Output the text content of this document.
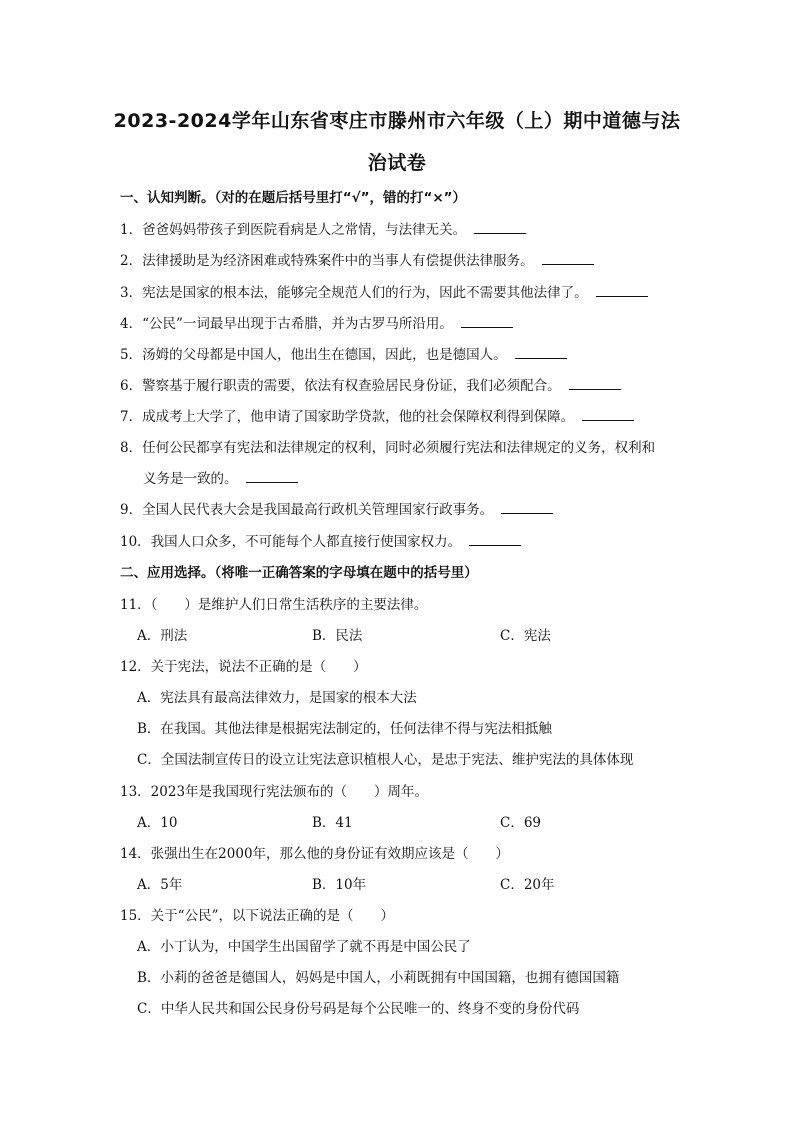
2023-2024学年山东省枣庄市滕州市六年级（上）期中道德与法
治试卷
一、认知判断。（对的在题后括号里打“√”，错的打“×”）
1．爸爸妈妈带孩子到医院看病是人之常情，与法律无关。
2．法律援助是为经济困难或特殊案件中的当事人有偿提供法律服务。
3．宪法是国家的根本法，能够完全规范人们的行为，因此不需要其他法律了。
4．“公民”一词最早出现于古希腊，并为古罗马所沿用。
5．汤姆的父母都是中国人，他出生在德国，因此，也是德国人。
6．警察基于履行职责的需要，依法有权查验居民身份证，我们必须配合。
7．成成考上大学了，他申请了国家助学贷款，他的社会保障权利得到保障。
8．任何公民都享有宪法和法律规定的权利，同时必须履行宪法和法律规定的义务，权利和
义务是一致的。
9．全国人民代表大会是我国最高行政机关管理国家行政事务。
10．我国人口众多，不可能每个人都直接行使国家权力。
二、应用选择。（将唯一正确答案的字母填在题中的括号里）
11．（　　）是维护人们日常生活秩序的主要法律。
A．刑法	B．民法	C．宪法
12．关于宪法，说法不正确的是（　　）
A．宪法具有最高法律效力，是国家的根本大法
B．在我国。其他法律是根据宪法制定的，任何法律不得与宪法相抵触
C．全国法制宣传日的设立让宪法意识植根人心，是忠于宪法、维护宪法的具体体现
13．2023年是我国现行宪法颁布的（　　）周年。
A．10	B．41	C．69
14．张强出生在2000年，那么他的身份证有效期应该是（　　）
A．5年	B．10年	C．20年
15．关于“公民”，以下说法正确的是（　　）
A．小丁认为，中国学生出国留学了就不再是中国公民了
B．小莉的爸爸是德国人，妈妈是中国人，小莉既拥有中国国籍，也拥有德国国籍
C．中华人民共和国公民身份号码是每个公民唯一的、终身不变的身份代码
